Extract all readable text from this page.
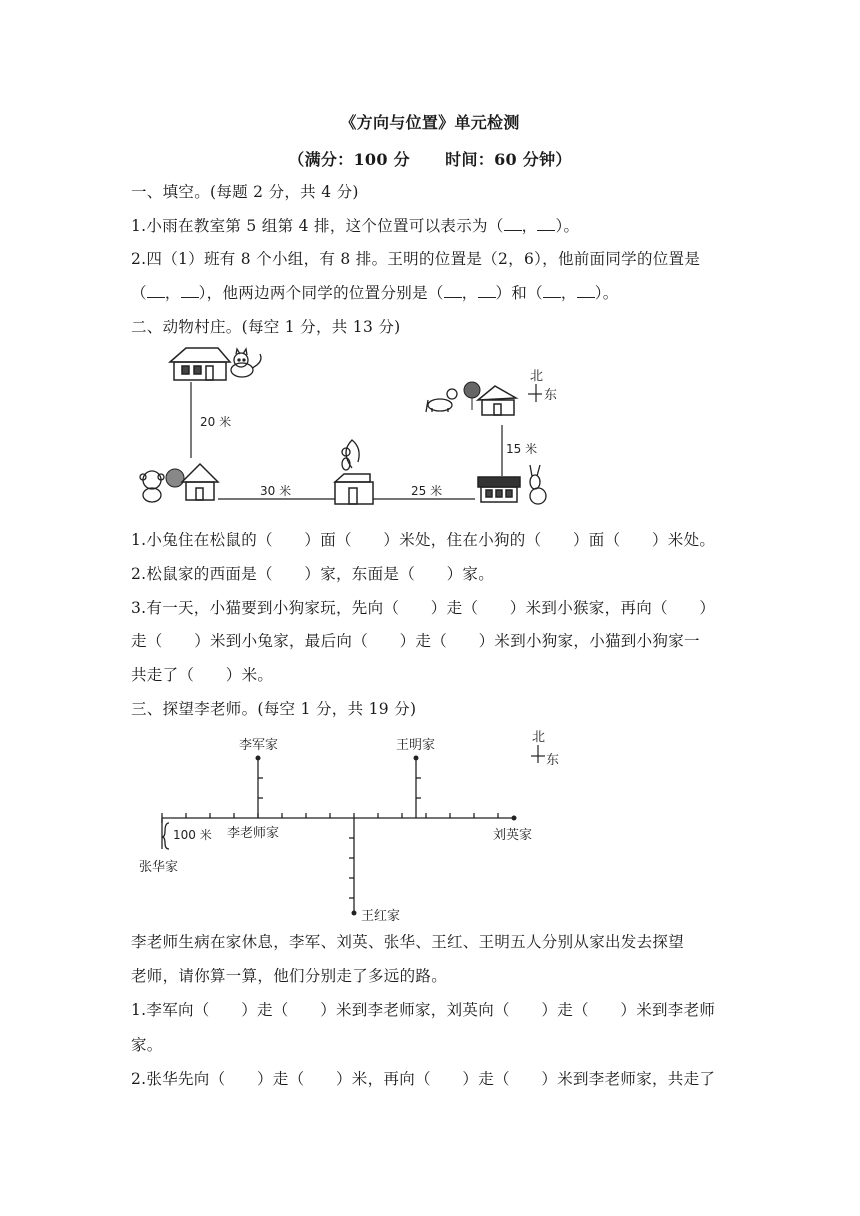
《方向与位置》单元检测
（满分：100 分 时间：60 分钟）
一、填空。(每题 2 分，共 4 分)
1.小雨在教室第 5 组第 4 排，这个位置可以表示为（ ， ）。
2.四（1）班有 8 个小组，有 8 排。王明的位置是（2，6），他前面同学的位置是
（ ， ），他两边两个同学的位置分别是（ ， ）和（ ， ）。
二、动物村庄。(每空 1 分，共 13 分)
20 米
30 米	25 米
15 米
北
东
1.小兔住在松鼠的（　　）面（　　）米处，住在小狗的（　　）面（　　）米处。
2.松鼠家的西面是（　　）家，东面是（　　）家。
3.有一天，小猫要到小狗家玩，先向（　　）走（　　）米到小猴家，再向（　　）
走（　　）米到小兔家，最后向（　　）走（　　）米到小狗家，小猫到小狗家一
共走了（　　）米。
三、探望李老师。(每空 1 分，共 19 分)
李军家	王明家
李老师家	刘英家
张华家
王红家
100 米
北
东
李老师生病在家休息，李军、刘英、张华、王红、王明五人分别从家出发去探望
老师，请你算一算，他们分别走了多远的路。
1.李军向（　　）走（　　）米到李老师家，刘英向（　　）走（　　）米到李老师
家。
2.张华先向（　　）走（　　）米，再向（　　）走（　　）米到李老师家，共走了
